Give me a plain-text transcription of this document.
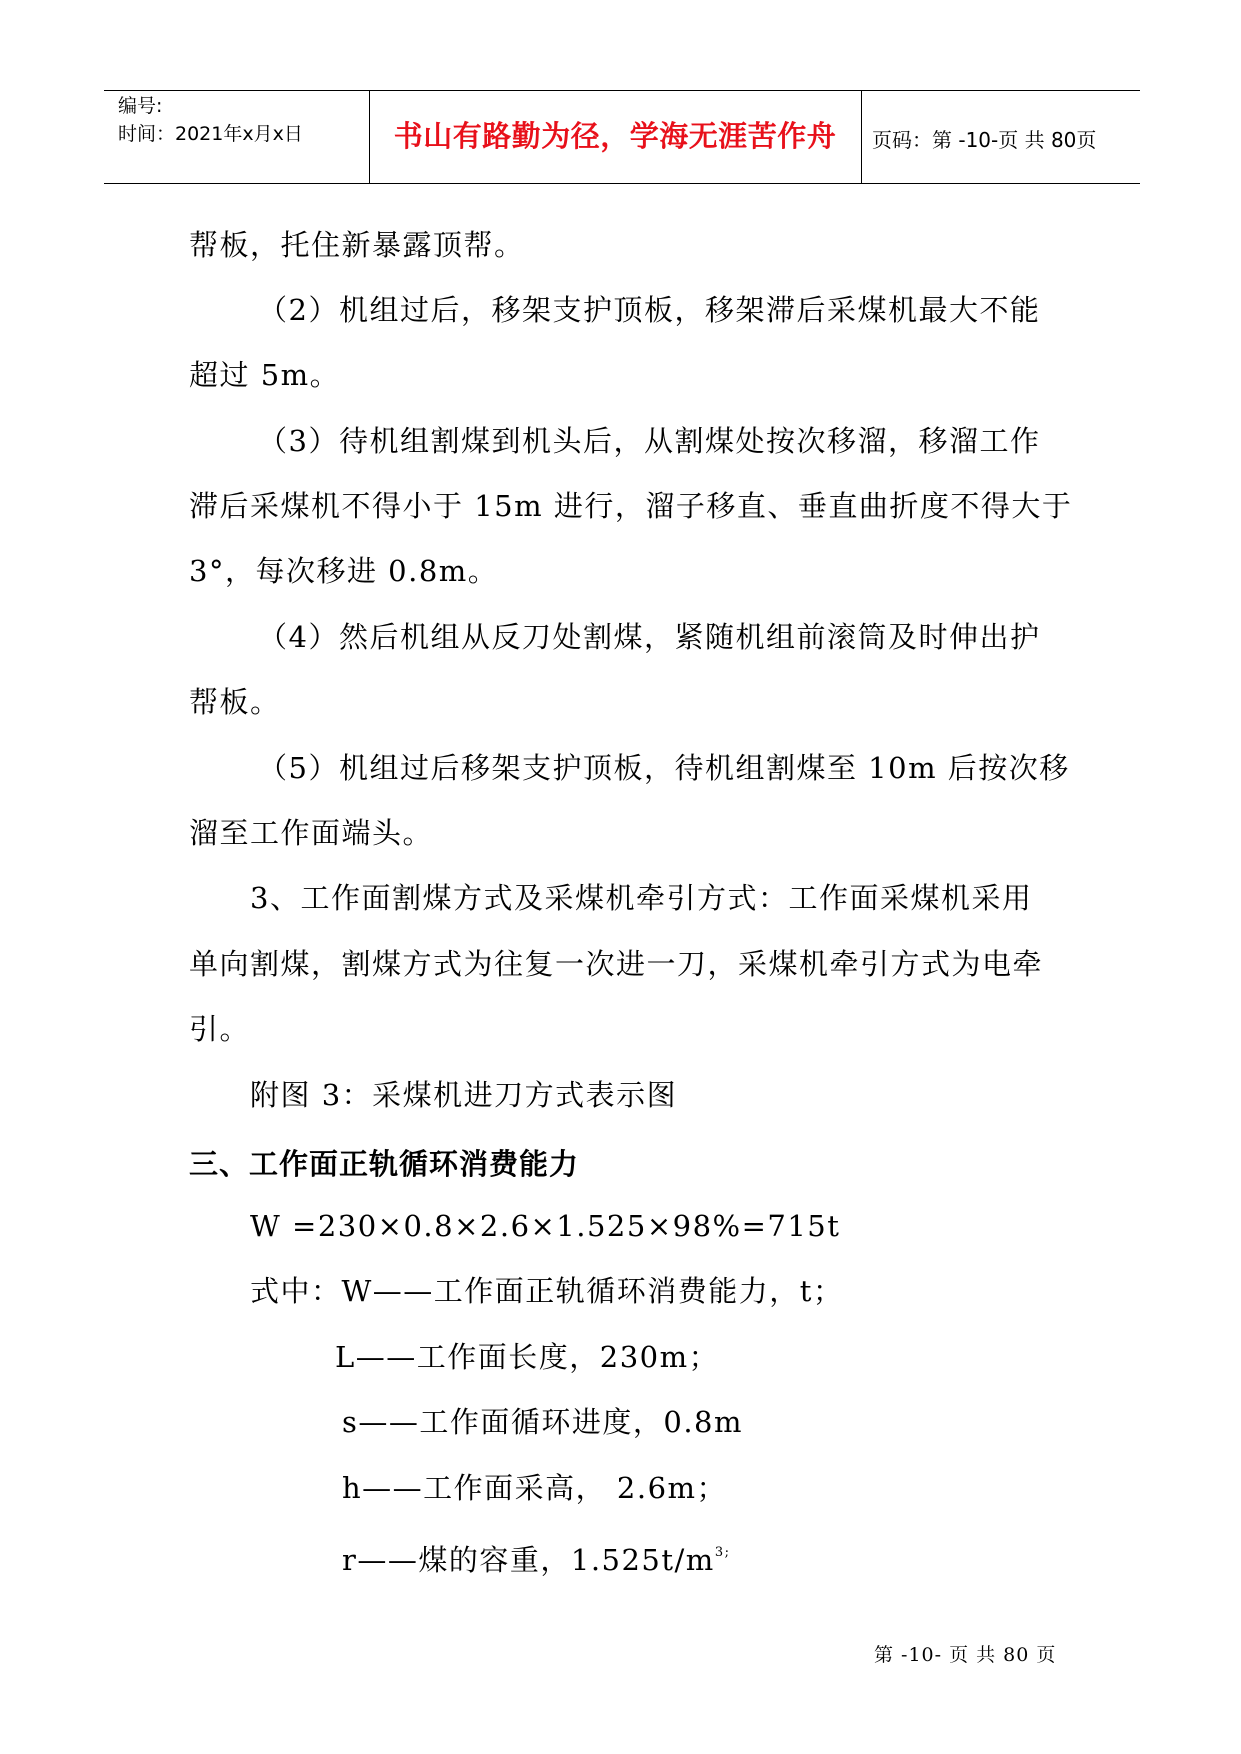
编号:
时间：2021年x月x日	书山有路勤为径，学海无涯苦作舟	页码：第 -10-页 共 80页
帮板，托住新暴露顶帮。
（2）机组过后，移架支护顶板，移架滞后采煤机最大不能
超过 5m。
（3）待机组割煤到机头后，从割煤处按次移溜，移溜工作
滞后采煤机不得小于 15m 进行，溜子移直、垂直曲折度不得大于
3°，每次移进 0.8m。
（4）然后机组从反刀处割煤，紧随机组前滚筒及时伸出护
帮板。
（5）机组过后移架支护顶板，待机组割煤至 10m 后按次移
溜至工作面端头。
3、工作面割煤方式及采煤机牵引方式：工作面采煤机采用
单向割煤，割煤方式为往复一次进一刀，采煤机牵引方式为电牵
引。
附图 3：采煤机进刀方式表示图
三、工作面正轨循环消费能力
W =230×0.8×2.6×1.525×98%=715t
式中：W——工作面正轨循环消费能力，t；
L——工作面长度，230m；
s——工作面循环进度，0.8m
h——工作面采高， 2.6m；
r——煤的容重，$1.525t/m^{3;}$
第 -10- 页 共 80 页
